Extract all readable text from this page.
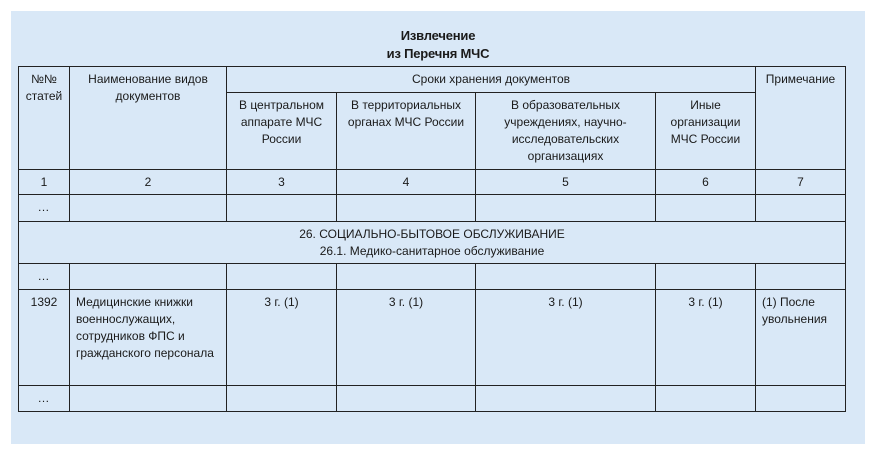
Извлечение
из Перечня МЧС
№№ статей	Наименование видов документов	Сроки хранения документов				Примечание
		В центральном аппарате МЧС России	В территориальных органах МЧС России	В образовательных учреждениях, научно-исследовательских организациях	Иные организации МЧС России	
1	2	3	4	5	6	7
…						

26. СОЦИАЛЬНО-БЫТОВОЕ ОБСЛУЖИВАНИЕ
26.1. Медико-санитарное обслуживание						

…						
1392	Медицинские книжки военнослужащих, сотрудников ФПС и гражданского персонала	3 г. (1)	3 г. (1)	3 г. (1)	3 г. (1)	(1) После увольнения
…						
